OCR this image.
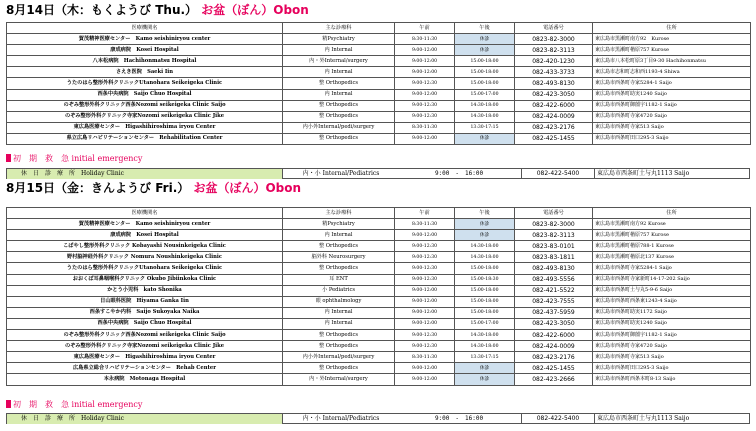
8月14日（木：もくようび Thu.） お盆（ぼん）Obon
医療機関名	主な診療科	午前	午後	電話番号	住所
賀茂精神医療センター　Kamo seishiniryou center	精Psychiatry	8:30-11:30	休診	0823-82-3000	東広島市黒瀬町南方92　Kurose
康成病院　Kosei Hospital	内 Internal	9:00-12:00	休診	0823-82-3113	東広島市黒瀬町楢原757 Kurose
八本松病院　Hachihonmatsu Hospital	内・外Internal/surgery	9:00-12:00	15:00-18:00	082-420-1230	東広島市八本松町原3丁目9-30 Hachihonmatsu
さえき医院　Saeki Iin	内 Internal	9:00-12:00	15:00-18:00	082-433-3733	東広島市志和町志和西1193-4 Shiwa
うたのはら整形外科クリニックUtanohara Seikeigeka Clinic	整 Orthopedics	9:00-12:30	15:00-18:00	082-493-8130	東広島市西条町寺家5284-1 Saijo
西条中央病院　Saijo Chuo Hospital	内 Internal	9:00-12:00	15:00-17:00	082-423-3050	東広島市西条町助実1240 Saijo
のぞみ整形外科クリニック西条Nozomi seikeigeka Clinic Saijo	整 Orthopedics	9:00-12:30	14:30-18:00	082-422-6000	東広島市西条町御薗宇1182-1 Saijo
のぞみ整形外科クリニック寺家Nozomi seikeigeka Clinic Jike	整 Orthopedics	9:00-12:30	14:30-18:00	082-424-0009	東広島市西条町寺家4720 Saijo
東広島医療センター　Higashihiroshima iryou Center	内小外Internal/pedi/surgery	8:30-11:30	13:30-17:15	082-423-2176	東広島市西条町寺家513 Saijo
県立広島リハビリテーションセンター　Rehabilitation Center	整 Orthopedics	9:00-12:00	休診	082-425-1455	東広島市西条町田口295-3 Saijo
初　期　救　急 initial emergency
休　日　診　療　所　Holiday Clinic	内・小 Internal/Pediatrics	9:00　-　16:00	082-422-5400	東広島市西条町土与丸1113 Saijo
8月15日（金：きんようび Fri.） お盆（ぼん）Obon
医療機関名	主な診療科	午前	午後	電話番号	住所
賀茂精神医療センター　Kamo seishiniryou center	精Psychiatry	8:30-11:30	休診	0823-82-3000	東広島市黒瀬町南方92 Kurose
康成病院　Kosei Hospital	内 Internal	9:00-12:00	休診	0823-82-3113	東広島市黒瀬町楢原757 Kurose
こばやし整形外科クリニック Kobayashi Nousinkeigeka Clinic	整 Orthopedics	9:00-12:30	14:30-18:00	0823-83-0101	東広島市黒瀬町楢原788-1 Kurose
野村脳神経外科クリニック Nomura Noushinkeigeka Clinic	脳外科 Neurosurgery	9:00-12:30	14:30-18:00	0823-83-1811	東広島市黒瀬町楢原北137 Kurose
うたのはら整形外科クリニックUtanohara Seikeigeka Clinic	整 Orthopedics	9:00-12:30	15:00-18:00	082-493-8130	東広島市西条町寺家5284-1 Saijo
おおくぼ耳鼻咽喉科クリニック Okubo Jibiinkoka Clinic	耳 ENT	9:00-12:30	15:00-18:30	082-493-5556	東広島市西条町寺家新町14-17-202 Saijo
かとう小児科　kato Shonika	小 Pediatrics	9:00-12:00	15:00-18:00	082-421-5522	東広島市西条町土与丸5-9-6 Saijo
日山眼科医院　Hiyama Ganka Iin	眼 ophthalmology	9:00-12:00	15:00-18:00	082-423-7555	東広島市西条町西条東1243-4 Saijo
西条すこやか内科　Saijo Sukoyaka Naika	内 Internal	9:00-12:00	15:00-18:00	082-437-5959	東広島市西条町助実1172 Saijo
西条中央病院　Saijo Chuo Hospital	内 Internal	9:00-12:00	15:00-17:00	082-423-3050	東広島市西条町助実1240 Saijo
のぞみ整形外科クリニック西条Nozomi seikeigeka Clinic Saijo	整 Orthopedics	9:00-12:30	14:30-18:00	082-422-6000	東広島市西条町御薗宇1182-1 Saijo
のぞみ整形外科クリニック寺家Nozomi seikeigeka Clinic Jike	整 Orthopedics	9:00-12:30	14:30-18:00	082-424-0009	東広島市西条町寺家4720 Saijo
東広島医療センター　Higashihiroshima iryou Center	内小外Internal/pedi/surgery	8:30-11:30	13:30-17:15	082-423-2176	東広島市西条町寺家513 Saijo
広島県立総合リハビリテーションセンター　Rehab Center	整 Orthopedics	9:00-12:00	休診	082-425-1455	東広島市西条町田口295-3 Saijo
本永病院　Motonaga Hospital	内・外Internal/surgery	9:00-12:00	休診	082-423-2666	東広島市西条町西条本町8-13 Saijo
初　期　救　急 initial emergency
休　日　診　療　所　Holiday Clinic	内・小 Internal/Pediatrics	9:00　-　16:00	082-422-5400	東広島市西条町土与丸1113 Saijo
